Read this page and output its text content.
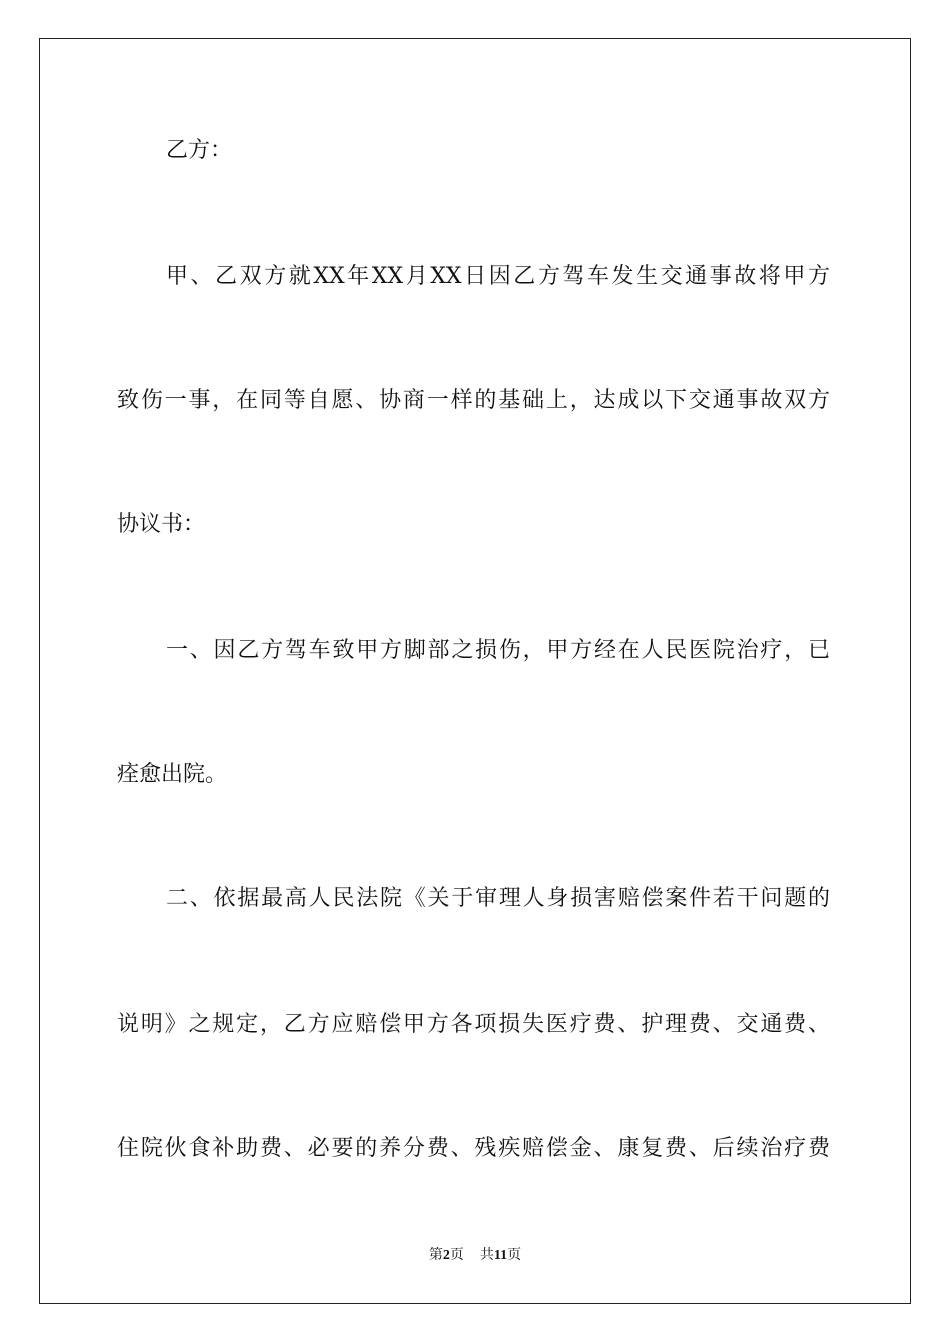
乙方：
甲、乙双方就XX年XX月XX日因乙方驾车发生交通事故将甲方
致伤一事，在同等自愿、协商一样的基础上，达成以下交通事故双方
协议书：
一、因乙方驾车致甲方脚部之损伤，甲方经在人民医院治疗，已
痊愈出院。
二、依据最高人民法院《关于审理人身损害赔偿案件若干问题的
说明》之规定，乙方应赔偿甲方各项损失医疗费、护理费、交通费、
住院伙食补助费、必要的养分费、残疾赔偿金、康复费、后续治疗费
第2页 共11页
